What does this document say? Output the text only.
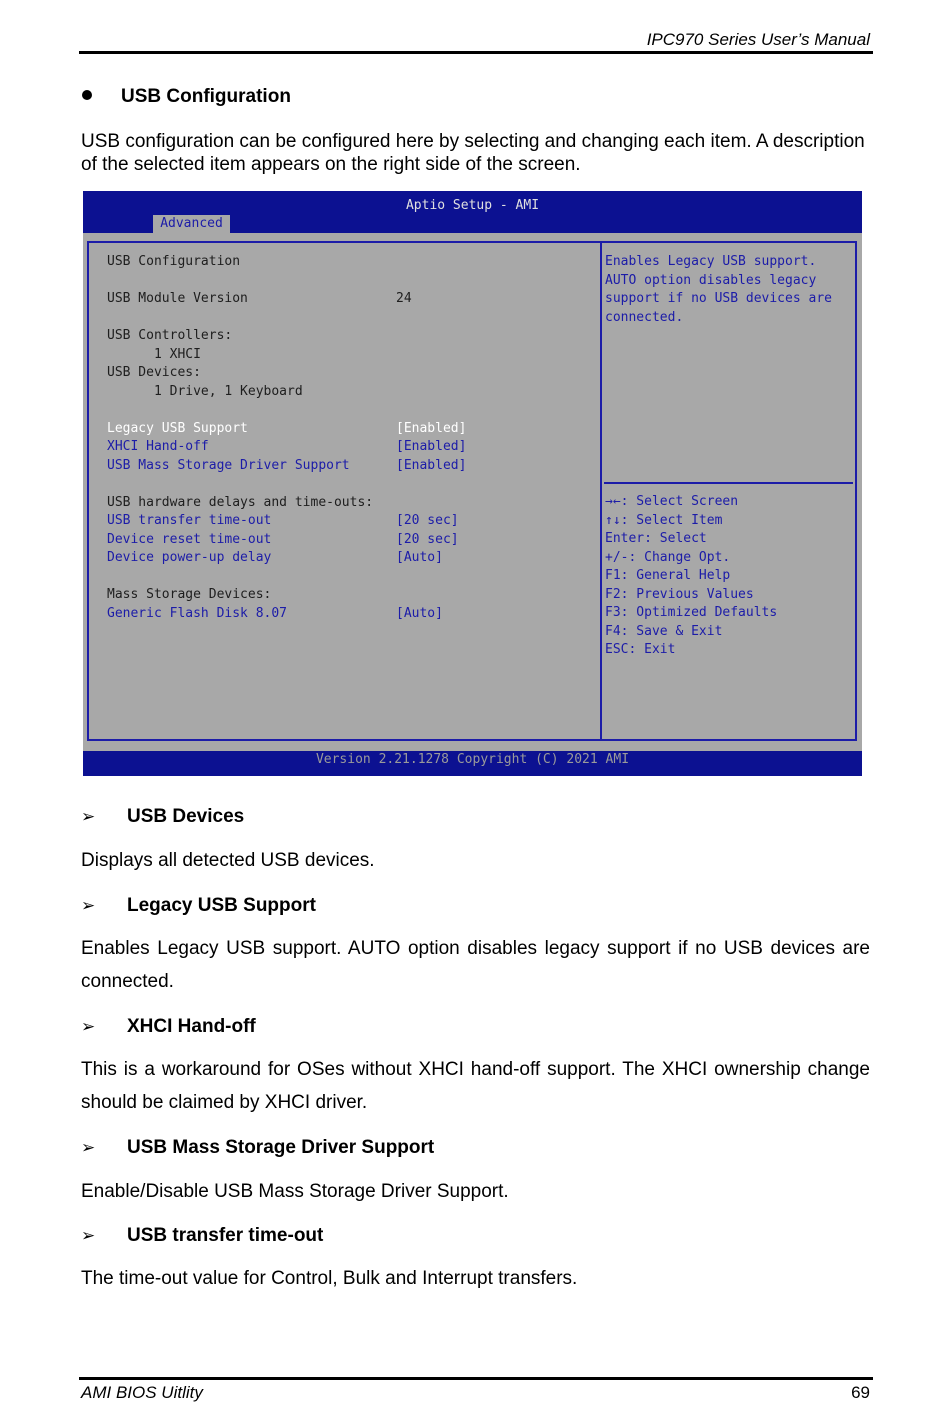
IPC970 Series User’s Manual
USB Configuration
USB configuration can be configured here by selecting and changing each item. A description of the selected item appears on the right side of the screen.
Aptio Setup - AMI
Advanced
USB Configuration
USB Module Version	24
USB Controllers:
1 XHCI
USB Devices:
1 Drive, 1 Keyboard
Legacy USB Support	[Enabled]
XHCI Hand-off	[Enabled]
USB Mass Storage Driver Support	[Enabled]
USB hardware delays and time-outs:
USB transfer time-out	[20 sec]
Device reset time-out	[20 sec]
Device power-up delay	[Auto]
Mass Storage Devices:
Generic Flash Disk 8.07	[Auto]
Enables Legacy USB support.
AUTO option disables legacy
support if no USB devices are
connected.
→←: Select Screen
↑↓: Select Item
Enter: Select
+/-: Change Opt.
F1: General Help
F2: Previous Values
F3: Optimized Defaults
F4: Save & Exit
ESC: Exit
Version 2.21.1278 Copyright (C) 2021 AMI
➢ USB Devices
Displays all detected USB devices.
➢ Legacy USB Support
Enables Legacy USB support. AUTO option disables legacy support if no USB devices are connected.
➢ XHCI Hand-off
This is a workaround for OSes without XHCI hand-off support. The XHCI ownership change should be claimed by XHCI driver.
➢ USB Mass Storage Driver Support
Enable/Disable USB Mass Storage Driver Support.
➢ USB transfer time-out
The time-out value for Control, Bulk and Interrupt transfers.
AMI BIOS Uitlity	69
